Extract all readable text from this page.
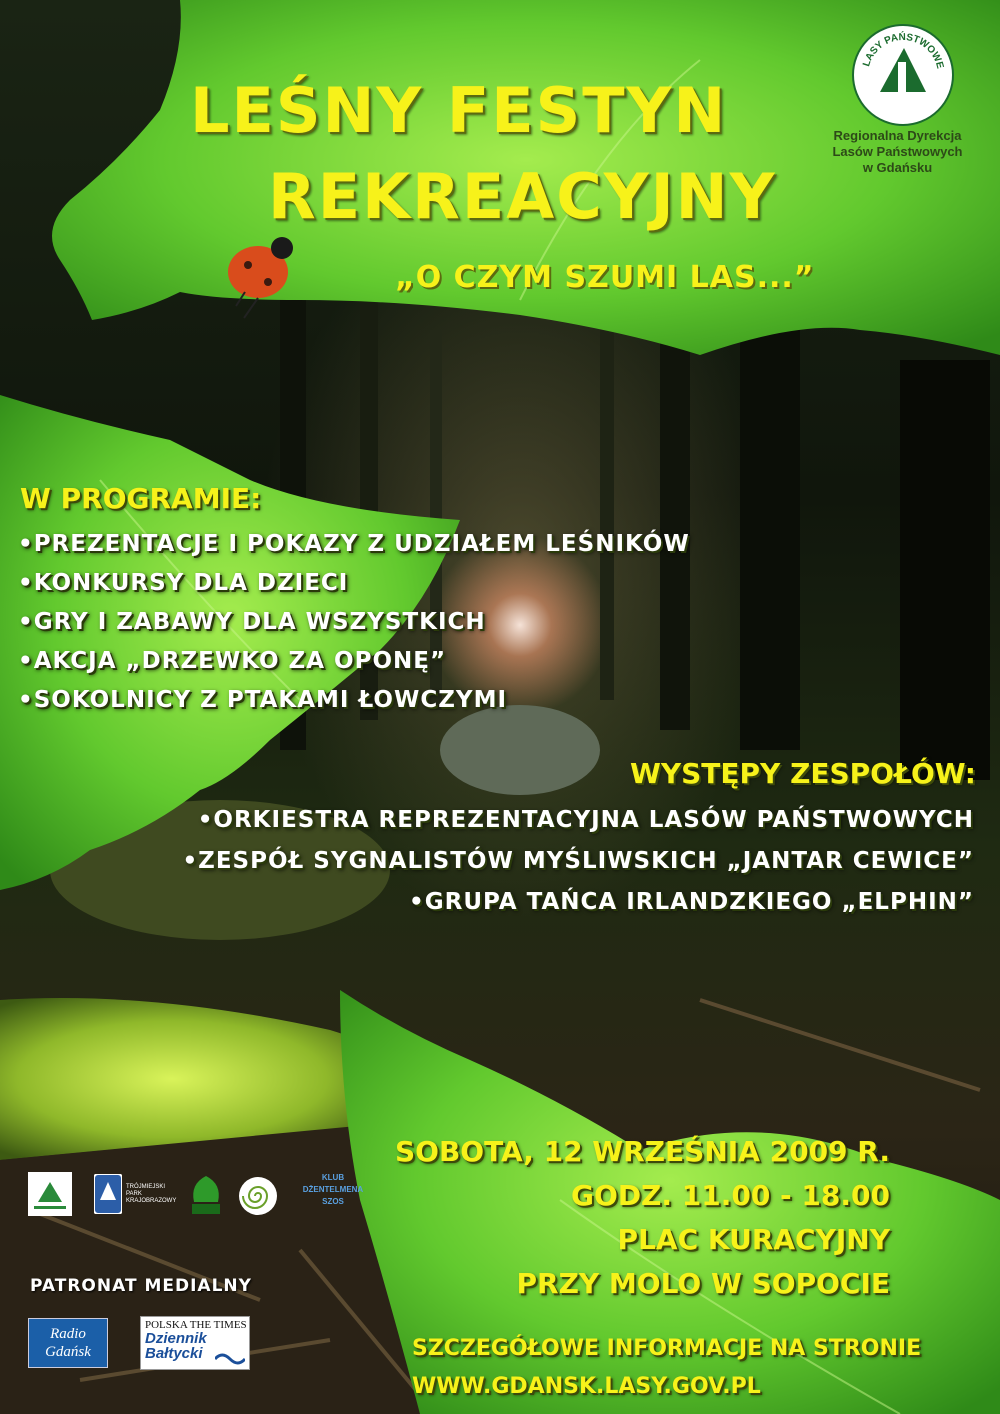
LEŚNY FESTYN
REKREACYJNY
„O CZYM SZUMI LAS...”
LASY PAŃSTWOWE
Regionalna Dyrekcja
Lasów Państwowych
w Gdańsku
W PROGRAMIE:
•PREZENTACJE I POKAZY Z UDZIAŁEM LEŚNIKÓW
•KONKURSY DLA DZIECI
•GRY I ZABAWY DLA WSZYSTKICH
•AKCJA „DRZEWKO ZA OPONĘ”
•SOKOLNICY Z PTAKAMI ŁOWCZYMI
WYSTĘPY ZESPOŁÓW:
•ORKIESTRA REPREZENTACYJNA LASÓW PAŃSTWOWYCH
•ZESPÓŁ SYGNALISTÓW MYŚLIWSKICH „JANTAR CEWICE”
•GRUPA TAŃCA IRLANDZKIEGO „ELPHIN”
SOBOTA, 12 WRZEŚNIA 2009 R.
GODZ. 11.00 - 18.00
PLAC KURACYJNY
PRZY MOLO W SOPOCIE
SZCZEGÓŁOWE INFORMACJE NA STRONIE
WWW.GDANSK.LASY.GOV.PL
TRÓJMIEJSKI
PARK
KRAJOBRAZOWY
KLUB
DŻENTELMENA
SZOS
PATRONAT MEDIALNY
Radio
Gdańsk
POLSKA THE TIMES
Dziennik
Bałtycki
